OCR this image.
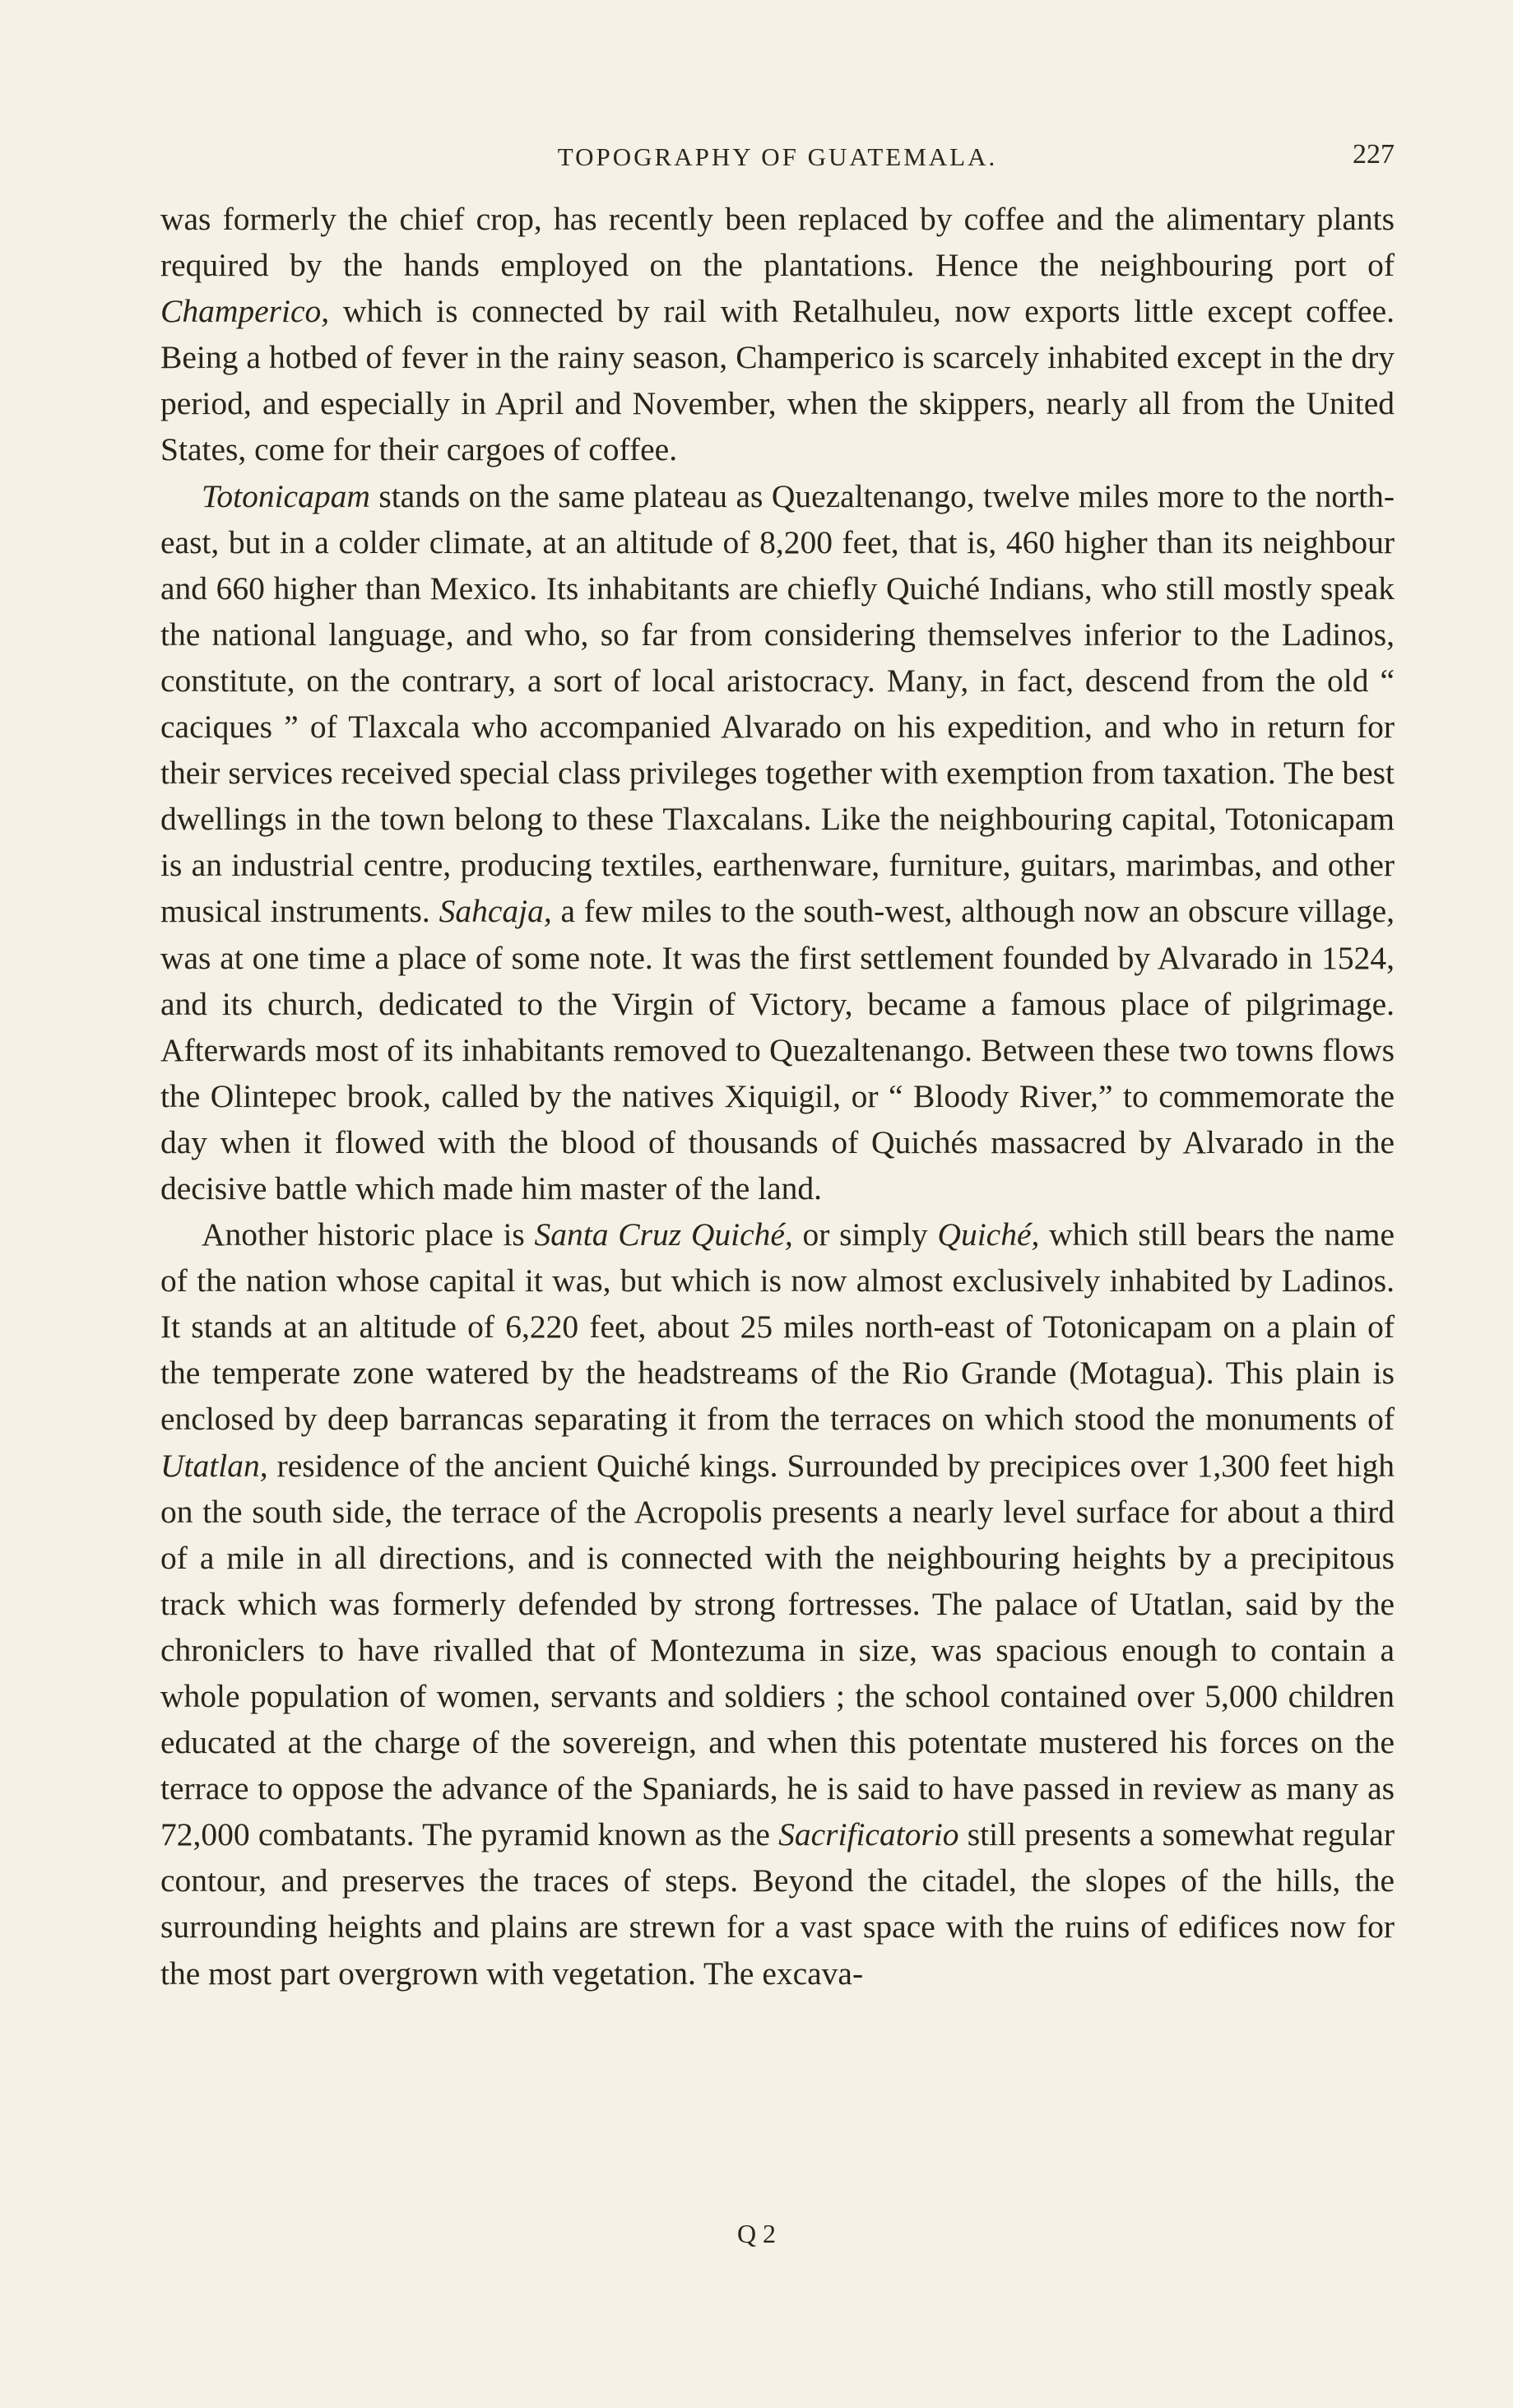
TOPOGRAPHY OF GUATEMALA.	227

was formerly the chief crop, has recently been replaced by coffee and the alimentary plants required by the hands employed on the plantations. Hence the neighbouring port of Champerico, which is connected by rail with Retalhuleu, now exports little except coffee. Being a hotbed of fever in the rainy season, Champerico is scarcely inhabited except in the dry period, and especially in April and November, when the skippers, nearly all from the United States, come for their cargoes of coffee.

Totonicapam stands on the same plateau as Quezaltenango, twelve miles more to the north-east, but in a colder climate, at an altitude of 8,200 feet, that is, 460 higher than its neighbour and 660 higher than Mexico. Its inhabitants are chiefly Quiché Indians, who still mostly speak the national language, and who, so far from considering themselves inferior to the Ladinos, constitute, on the contrary, a sort of local aristocracy. Many, in fact, descend from the old “ caciques ” of Tlaxcala who accompanied Alvarado on his expedition, and who in return for their services received special class privileges together with exemption from taxation. The best dwellings in the town belong to these Tlaxcalans. Like the neighbouring capital, Totonicapam is an industrial centre, producing textiles, earthenware, furniture, guitars, marimbas, and other musical instruments. Sahcaja, a few miles to the south-west, although now an obscure village, was at one time a place of some note. It was the first settlement founded by Alvarado in 1524, and its church, dedicated to the Virgin of Victory, became a famous place of pilgrimage. Afterwards most of its inhabitants removed to Quezaltenango. Between these two towns flows the Olintepec brook, called by the natives Xiquigil, or “ Bloody River,” to commemorate the day when it flowed with the blood of thousands of Quichés massacred by Alvarado in the decisive battle which made him master of the land.

Another historic place is Santa Cruz Quiché, or simply Quiché, which still bears the name of the nation whose capital it was, but which is now almost exclusively inhabited by Ladinos. It stands at an altitude of 6,220 feet, about 25 miles north-east of Totonicapam on a plain of the temperate zone watered by the headstreams of the Rio Grande (Motagua). This plain is enclosed by deep barrancas separating it from the terraces on which stood the monuments of Utatlan, residence of the ancient Quiché kings. Surrounded by precipices over 1,300 feet high on the south side, the terrace of the Acropolis presents a nearly level surface for about a third of a mile in all directions, and is connected with the neighbouring heights by a precipitous track which was formerly defended by strong fortresses. The palace of Utatlan, said by the chroniclers to have rivalled that of Montezuma in size, was spacious enough to contain a whole population of women, servants and soldiers ; the school contained over 5,000 children educated at the charge of the sovereign, and when this potentate mustered his forces on the terrace to oppose the advance of the Spaniards, he is said to have passed in review as many as 72,000 combatants. The pyramid known as the Sacrificatorio still presents a somewhat regular contour, and preserves the traces of steps. Beyond the citadel, the slopes of the hills, the surrounding heights and plains are strewn for a vast space with the ruins of edifices now for the most part overgrown with vegetation. The excava-

Q 2
